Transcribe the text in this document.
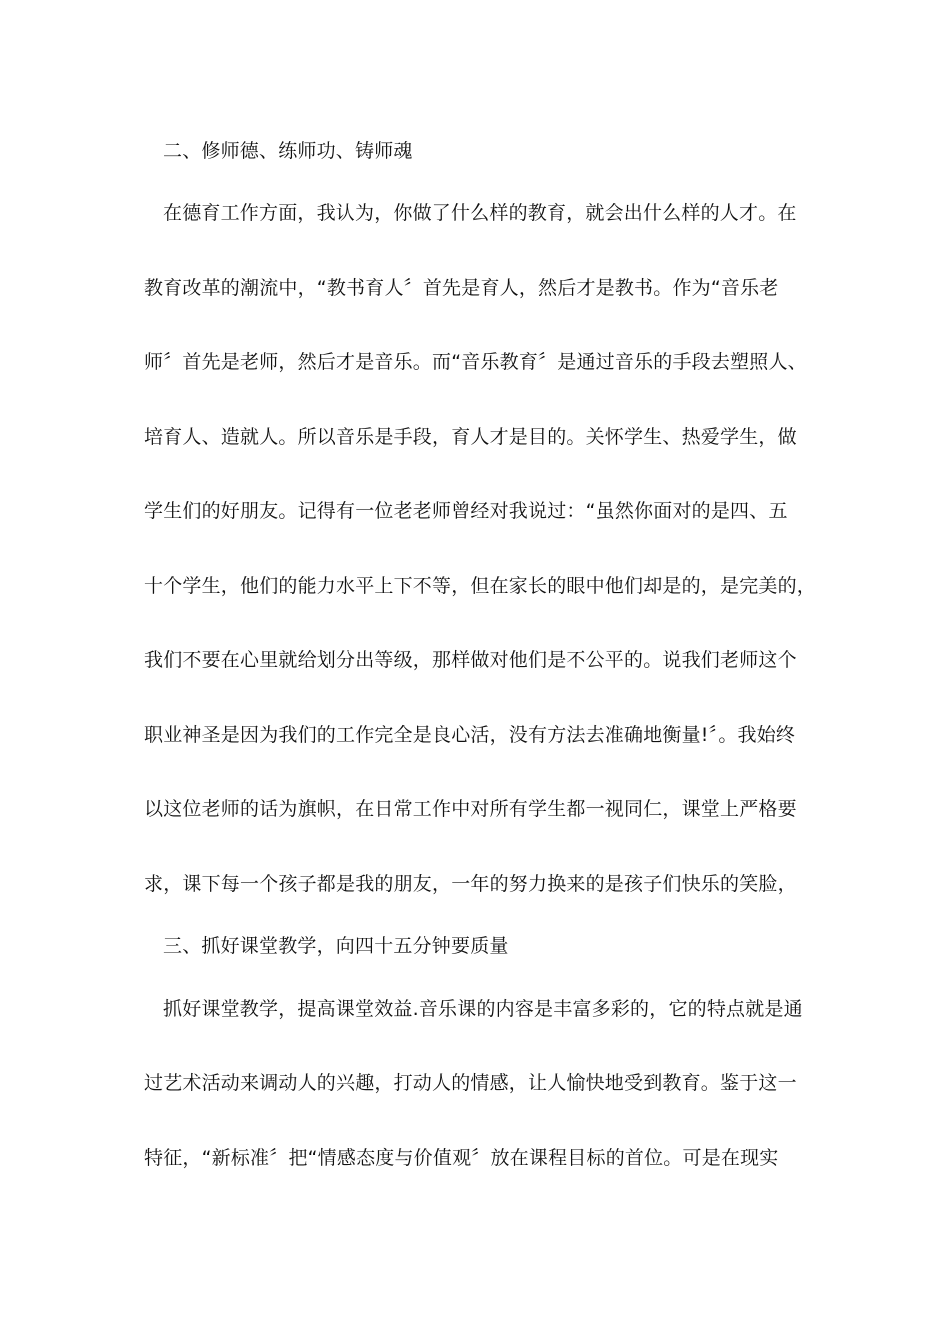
二、修师德、练师功、铸师魂

在德育工作方面，我认为，你做了什么样的教育，就会出什么样的人才。在

教育改革的潮流中，“教书育人〞首先是育人，然后才是教书。作为“音乐老

师〞首先是老师，然后才是音乐。而“音乐教育〞是通过音乐的手段去塑照人、

培育人、造就人。所以音乐是手段，育人才是目的。关怀学生、热爱学生，做

学生们的好朋友。记得有一位老老师曾经对我说过：“虽然你面对的是四、五

十个学生，他们的能力水平上下不等，但在家长的眼中他们却是的，是完美的，

我们不要在心里就给划分出等级，那样做对他们是不公平的。说我们老师这个

职业神圣是因为我们的工作完全是良心活，没有方法去准确地衡量!〞。我始终

以这位老师的话为旗帜，在日常工作中对所有学生都一视同仁，课堂上严格要

求，课下每一个孩子都是我的朋友，一年的努力换来的是孩子们快乐的笑脸，

三、抓好课堂教学，向四十五分钟要质量

抓好课堂教学，提高课堂效益.音乐课的内容是丰富多彩的，它的特点就是通

过艺术活动来调动人的兴趣，打动人的情感，让人愉快地受到教育。鉴于这一

特征，“新标准〞把“情感态度与价值观〞放在课程目标的首位。可是在现实
